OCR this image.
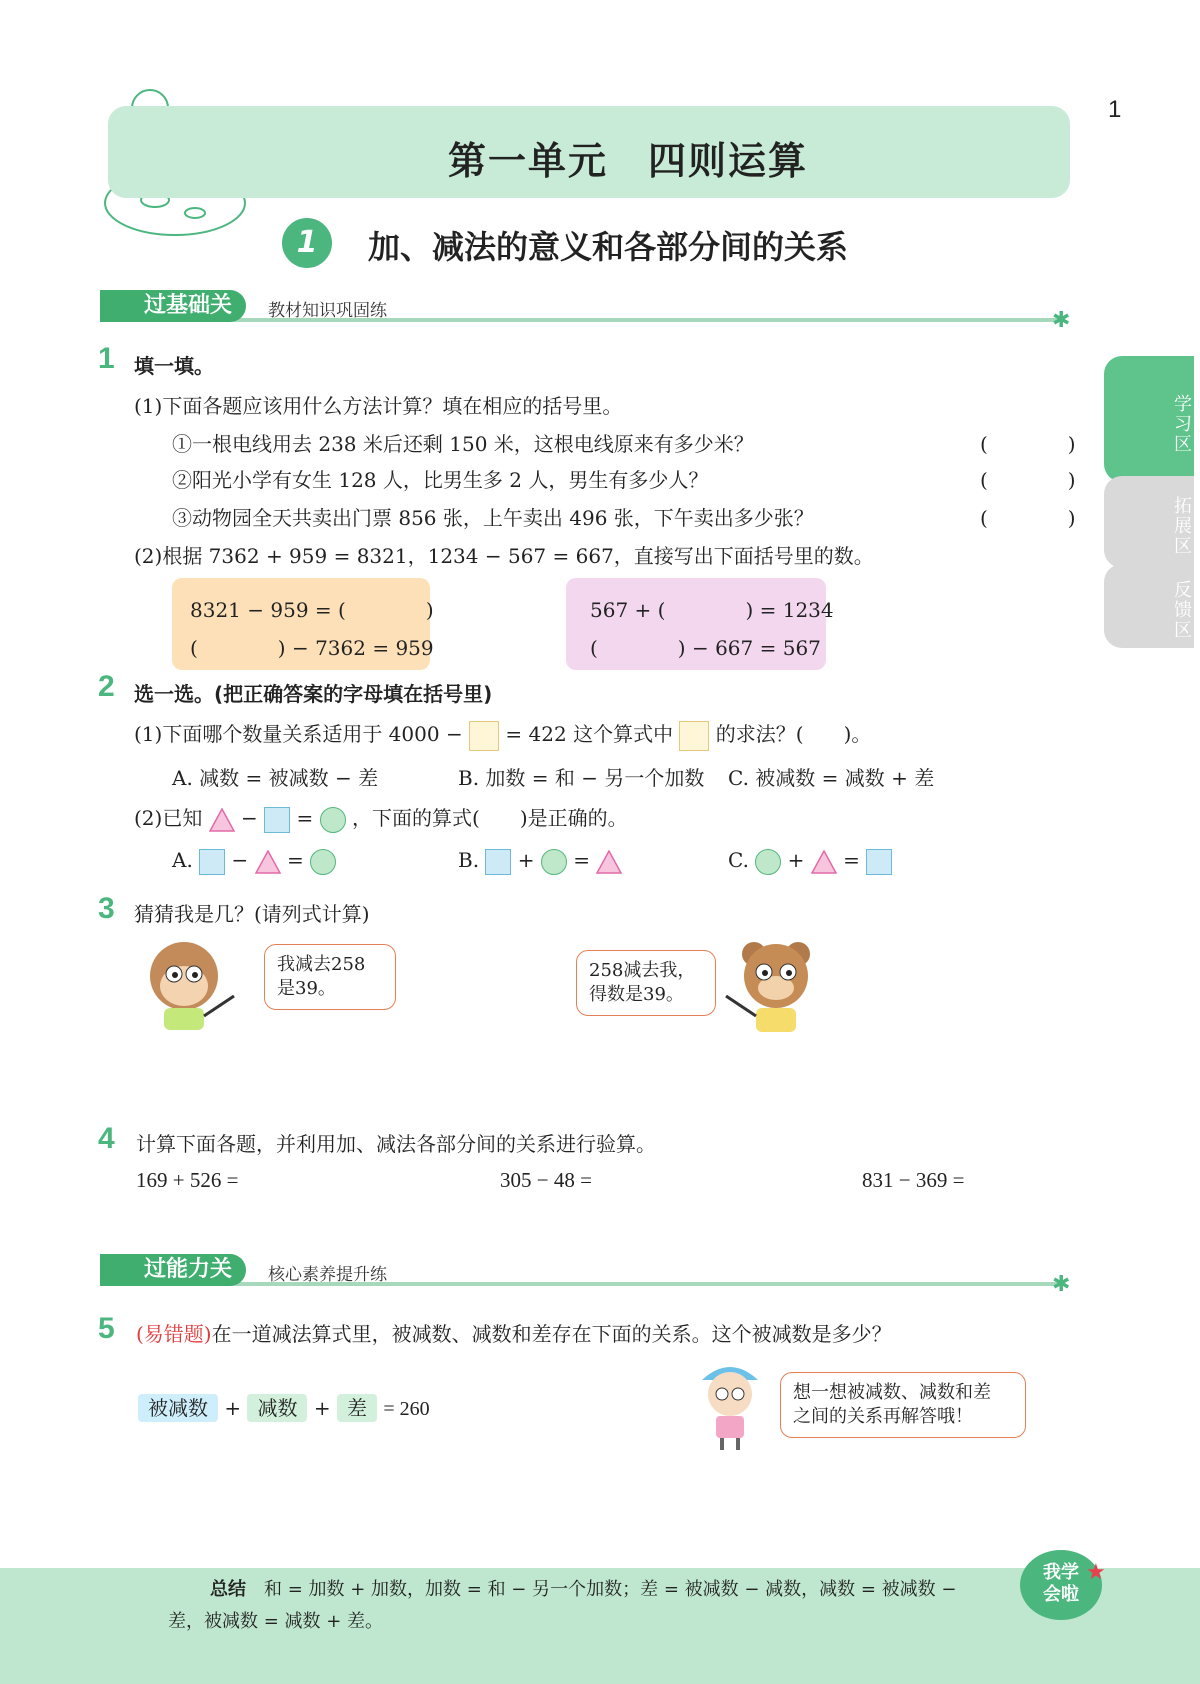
1
第一单元　四则运算
1	加、减法的意义和各部分间的关系
过基础关	教材知识巩固练	✱
学习区
拓展区
反馈区
1 填一填。
(1)下面各题应该用什么方法计算？填在相应的括号里。
①一根电线用去 238 米后还剩 150 米，这根电线原来有多少米？	(　　　　)
②阳光小学有女生 128 人，比男生多 2 人，男生有多少人？	(　　　　)
③动物园全天共卖出门票 856 张，上午卖出 496 张，下午卖出多少张？	(　　　　)
(2)根据 7362 + 959 = 8321，1234 − 567 = 667，直接写出下面括号里的数。
8321 − 959 = (　　　　)
(　　　　) − 7362 = 959
567 + (　　　　) = 1234
(　　　　) − 667 = 567
2 选一选。(把正确答案的字母填在括号里)
(1)下面哪个数量关系适用于 4000 − = 422 这个算式中 的求法？(　　)。
A. 减数 = 被减数 − 差	B. 加数 = 和 − 另一个加数 C. 被减数 = 减数 + 差
(2)已知  −  =  ，下面的算式(　　)是正确的。
A.  −  =	B.  +  =	C.  +  =
3 猜猜我是几？(请列式计算)
我减去258
是39。
258减去我，
得数是39。
4 计算下面各题，并利用加、减法各部分间的关系进行验算。
169 + 526 =	305 − 48 =	831 − 369 =
过能力关	核心素养提升练	✱
5 (易错题)在一道减法算式里，被减数、减数和差存在下面的关系。这个被减数是多少？
被减数 + 减数 + 差 = 260
想一想被减数、减数和差
之间的关系再解答哦！
总结　 和 = 加数 + 加数，加数 = 和 − 另一个加数；差 = 被减数 − 减数，减数 = 被减数 −
差，被减数 = 减数 + 差。
我学
会啦
★
